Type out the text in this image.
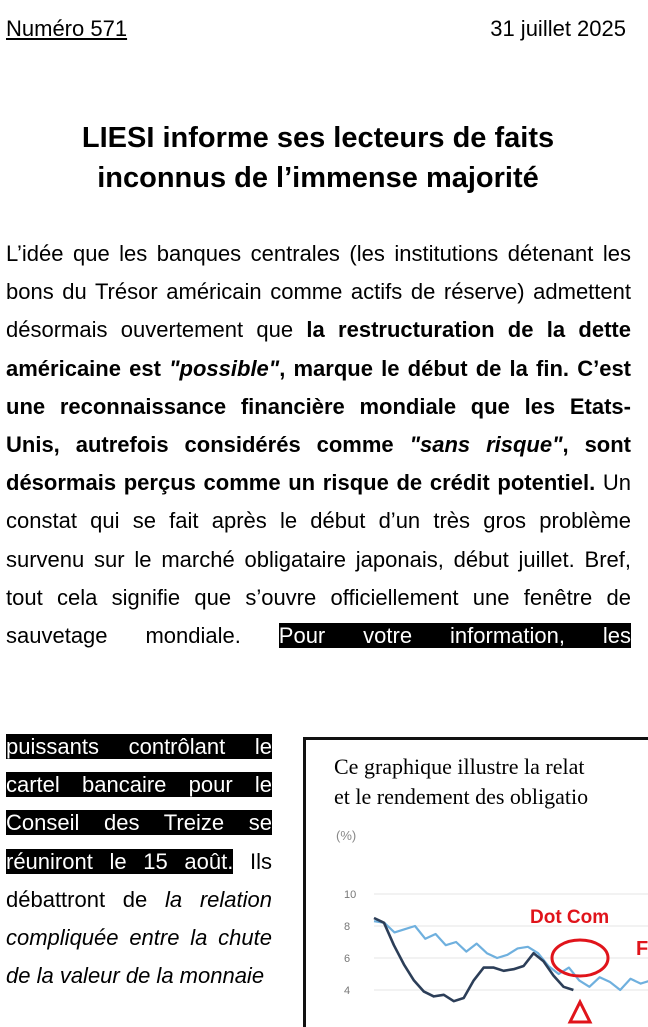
Numéro 571	31 juillet 2025
LIESI informe ses lecteurs de faits
inconnus de l’immense majorité
L’idée que les banques centrales (les institutions détenant les bons du Trésor américain comme actifs de réserve) admettent désormais ouvertement que la restructuration de la dette américaine est "possible", marque le début de la fin. C’est une reconnaissance financière mondiale que les Etats-Unis, autrefois considérés comme "sans risque", sont désormais perçus comme un risque de crédit potentiel. Un constat qui se fait après le début d’un très gros problème survenu sur le marché obligataire japonais, début juillet. Bref, tout cela signifie que s’ouvre officiellement une fenêtre de sauvetage mondiale. Pour votre information, les
puissants contrôlant le cartel bancaire pour le Conseil des Treize se réuniront le 15 août. Ils débattront de la relation compliquée entre la chute de la valeur de la monnaie
Ce graphique illustre la relat
et le rendement des obligatio
(%)
10
8
6
4
Dot Com
F
